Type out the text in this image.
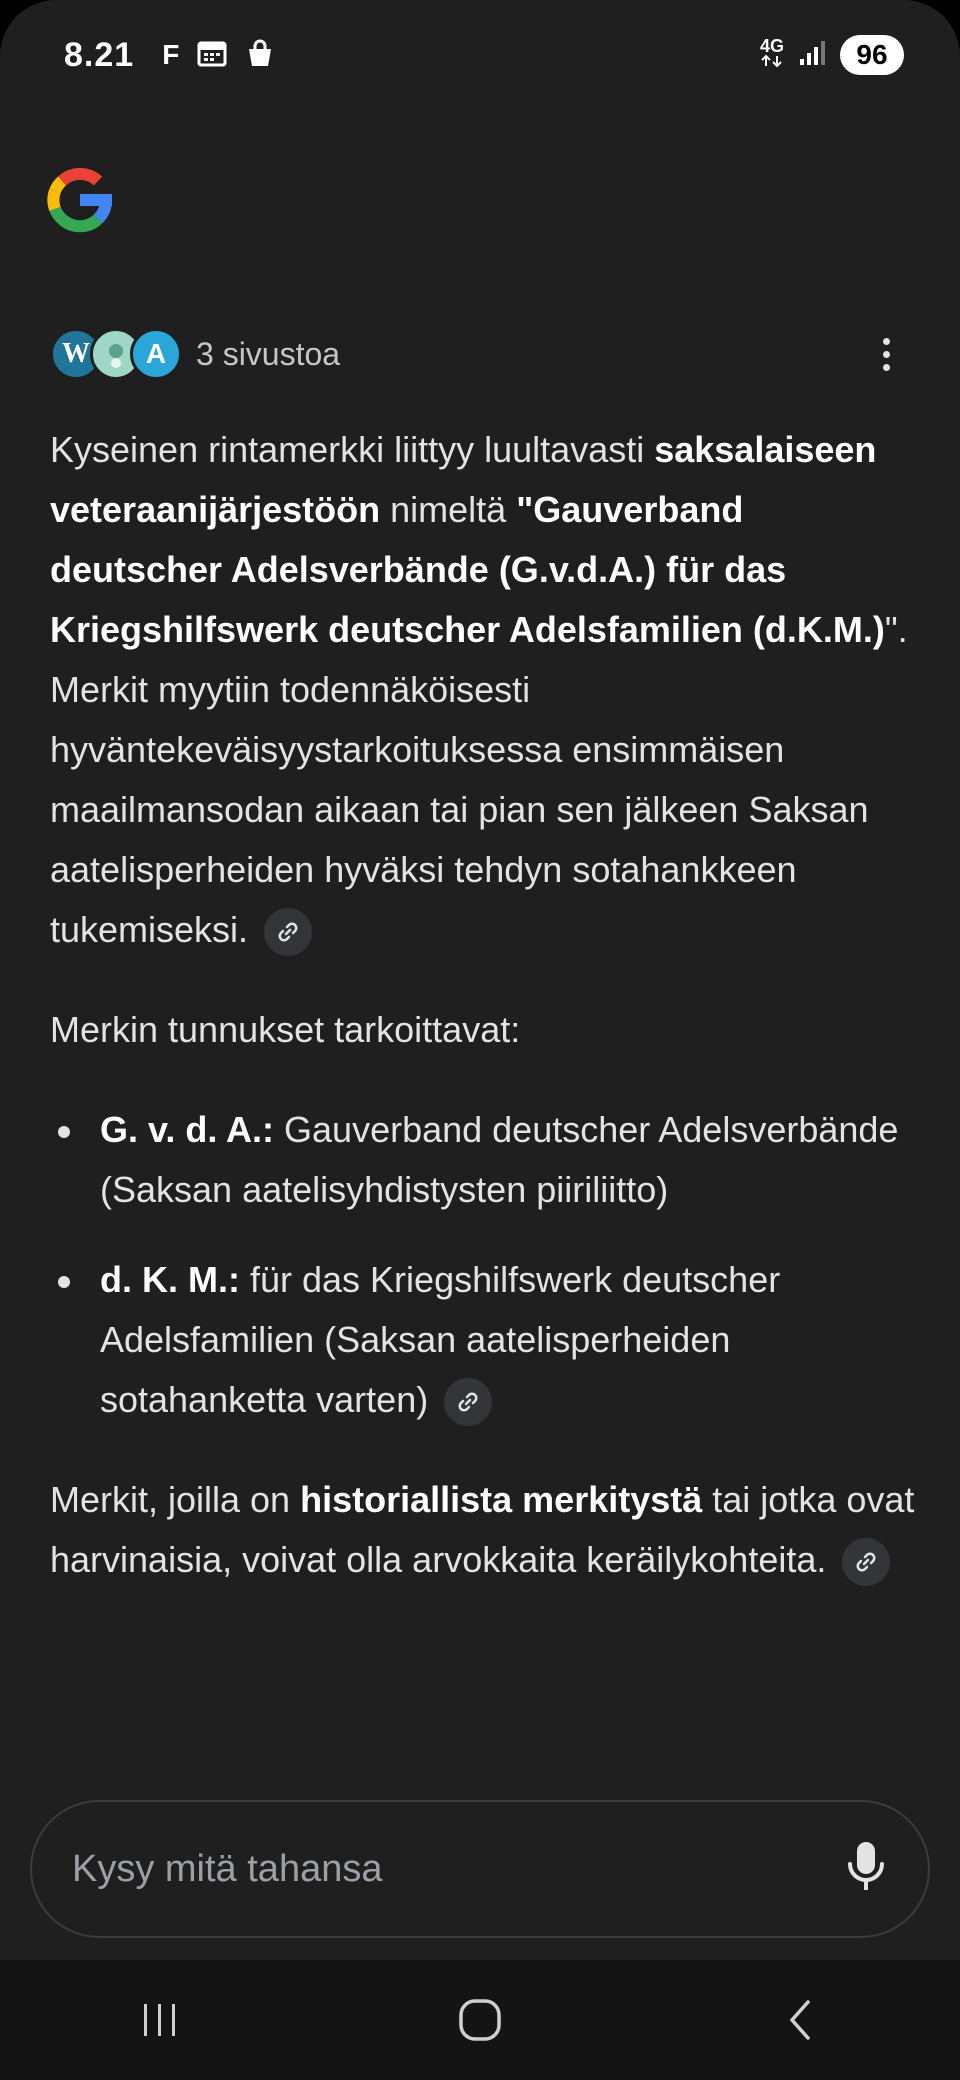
8.21 F	4G	96
W	A 3 sivustoa

Kyseinen rintamerkki liittyy luultavasti saksalaiseen veteraanijärjestöön nimeltä "Gauverband deutscher Adelsverbände (G.v.d.A.) für das Kriegshilfswerk deutscher Adelsfamilien (d.K.M.)". Merkit myytiin todennäköisesti hyväntekeväisyystarkoituksessa ensimmäisen maailmansodan aikaan tai pian sen jälkeen Saksan aatelisperheiden hyväksi tehdyn sotahankkeen tukemiseksi.

Merkin tunnukset tarkoittavat:

G. v. d. A.: Gauverband deutscher Adelsverbände (Saksan aatelisyhdistysten piiriliitto)
d. K. M.: für das Kriegshilfswerk deutscher Adelsfamilien (Saksan aatelisperheiden sotahanketta varten)

Merkit, joilla on historiallista merkitystä tai jotka ovat harvinaisia, voivat olla arvokkaita keräilykohteita.

Kysy mitä tahansa
